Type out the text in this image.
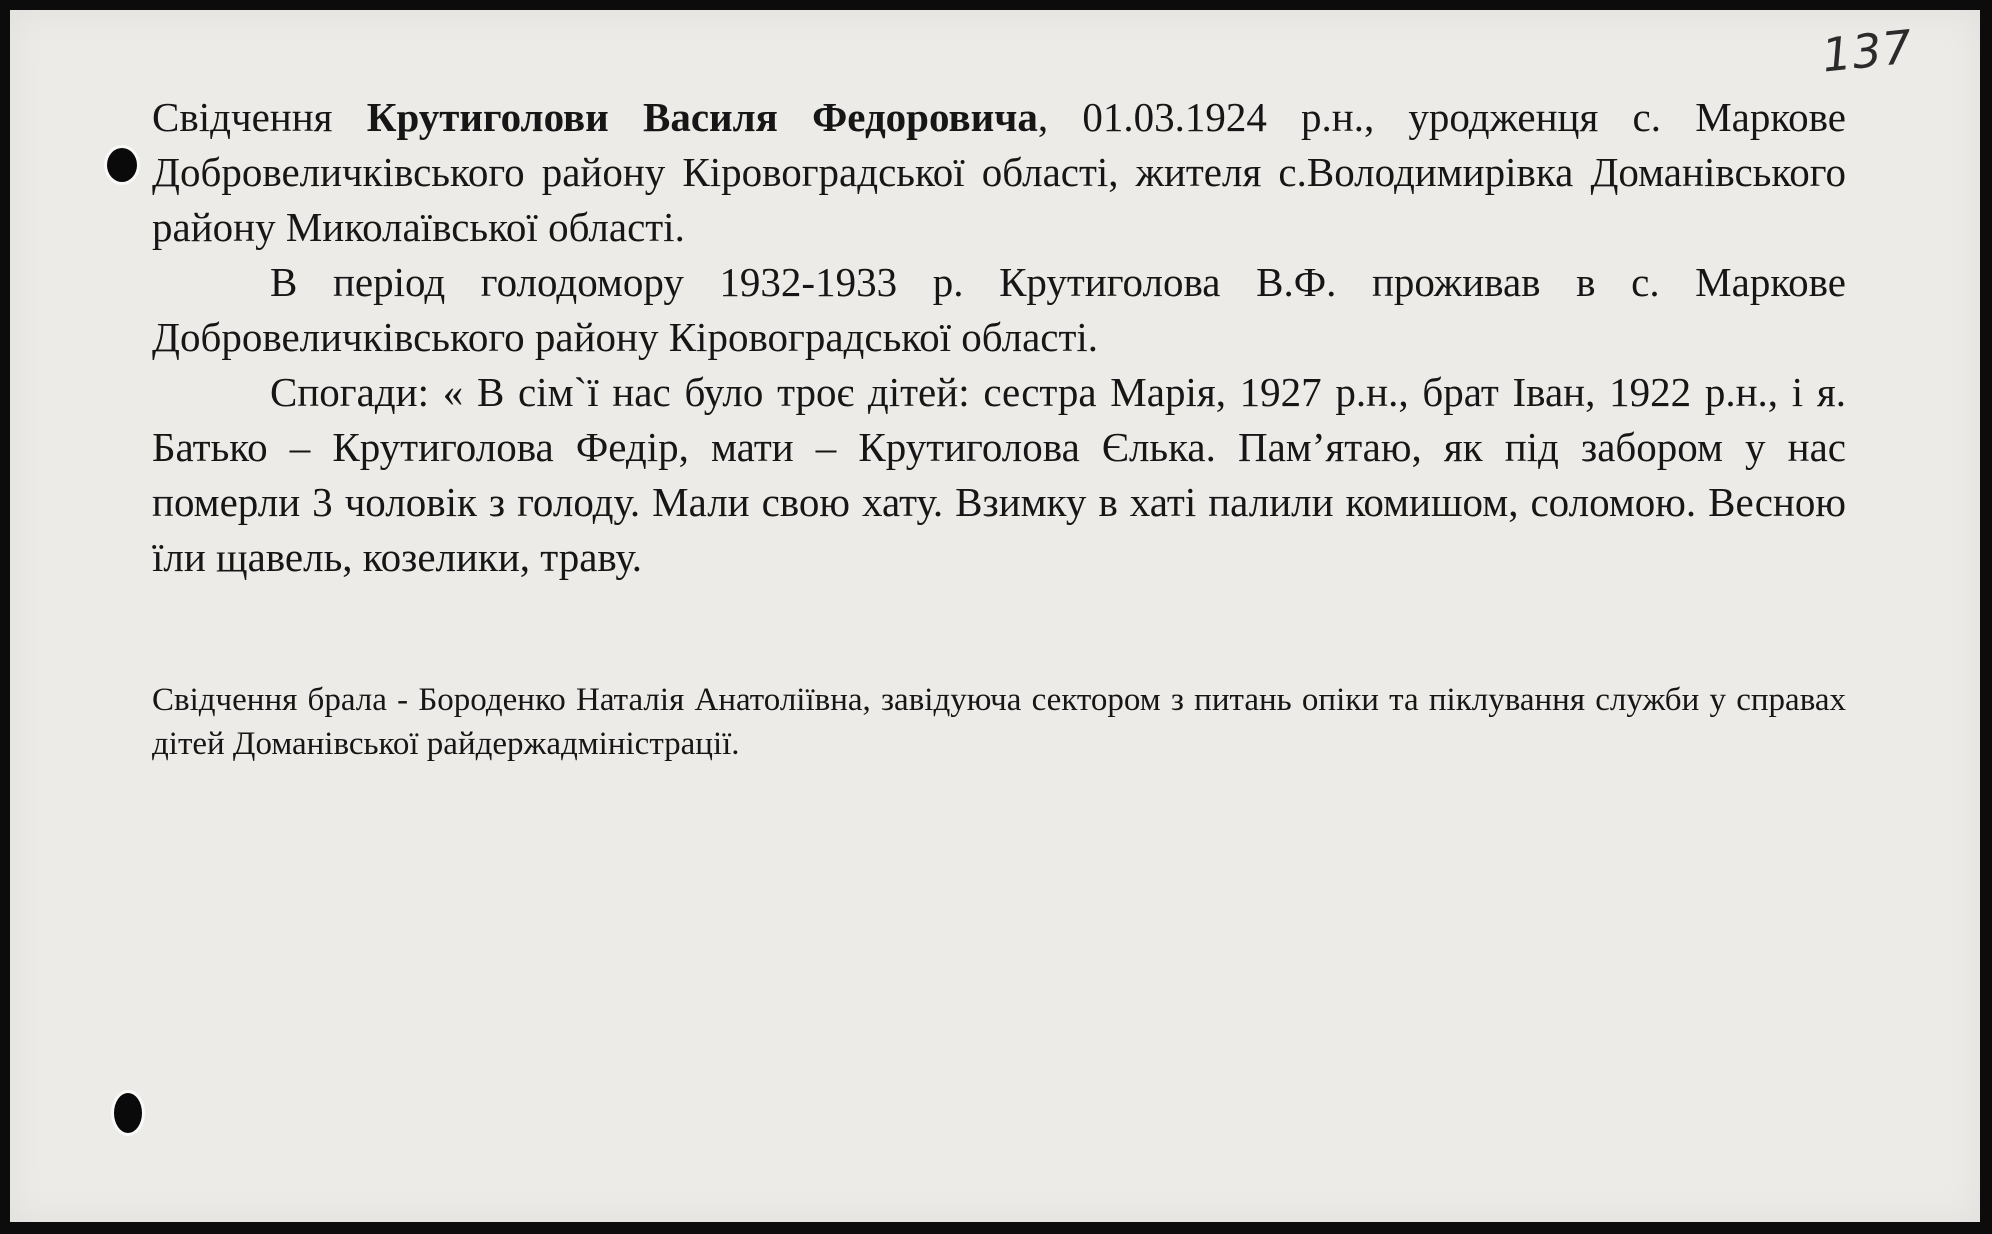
137

Свідчення Крутиголови Василя Федоровича, 01.03.1924 р.н., уродженця с. Маркове Добровеличківського району Кіровоградської області, жителя с.Володимирівка Доманівського району Миколаївської області.

В період голодомору 1932-1933 р. Крутиголова В.Ф. проживав в с. Маркове Добровеличківського району Кіровоградської області.

Спогади: « В сім`ї нас було троє дітей: сестра Марія, 1927 р.н., брат Іван, 1922 р.н., і я. Батько – Крутиголова Федір, мати – Крутиголова Єлька. Пам’ятаю, як під забором у нас померли 3 чоловік з голоду. Мали свою хату. Взимку в хаті палили комишом, соломою. Весною їли щавель, козелики, траву.

Свідчення брала - Бороденко Наталія Анатоліївна, завідуюча сектором з питань опіки та піклування служби у справах дітей Доманівської райдержадміністрації.
